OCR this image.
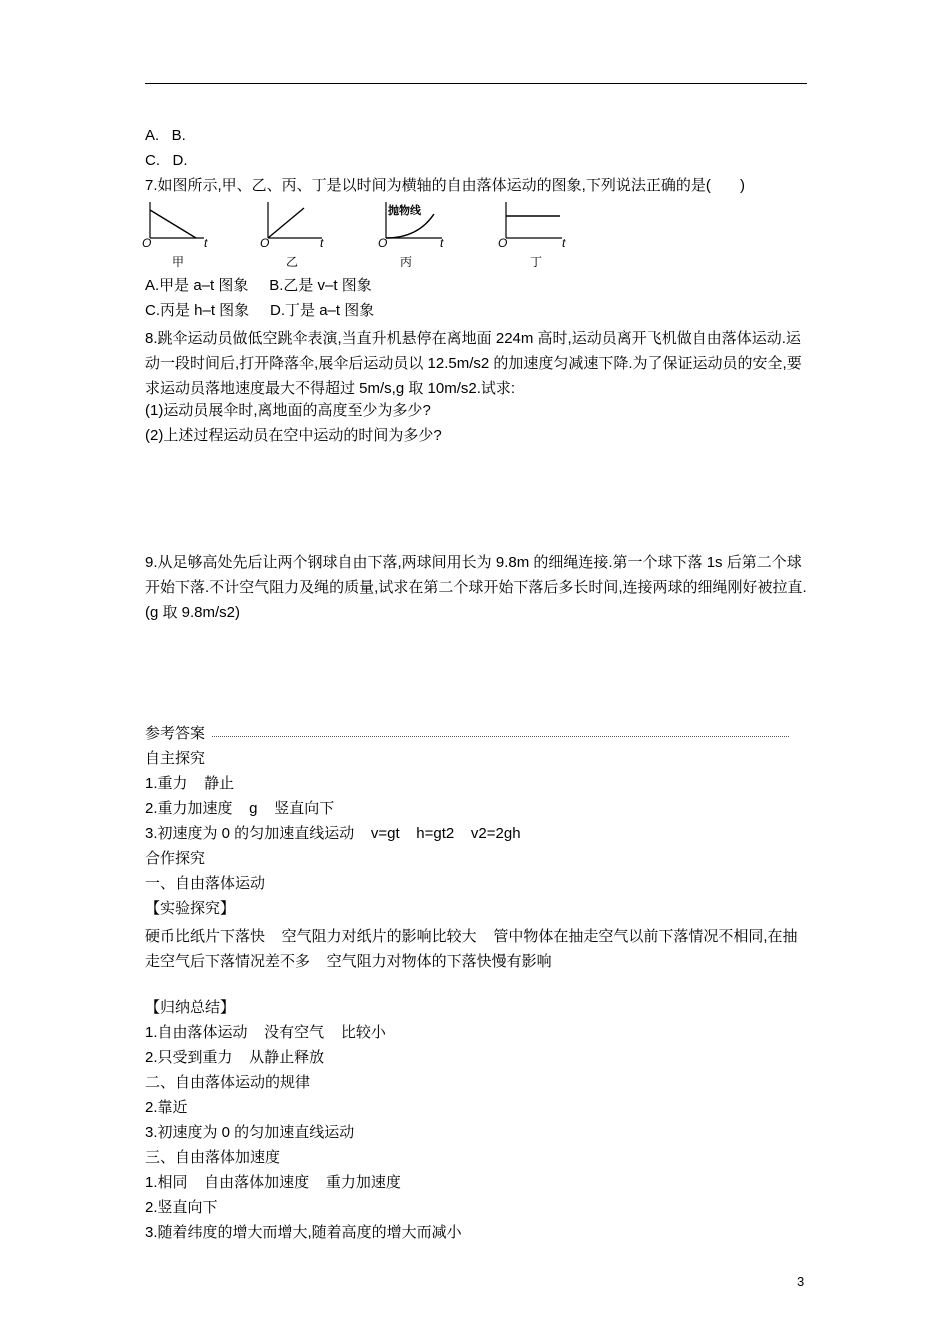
A.   B.
C.   D.
7.如图所示,甲、乙、丙、丁是以时间为横轴的自由落体运动的图象,下列说法正确的是(       )
O	t
甲
O	t
乙
抛物线
O	t
丙
O	t
丁
A.甲是 a–t 图象     B.乙是 v–t 图象
C.丙是 h–t 图象     D.丁是 a–t 图象
8.跳伞运动员做低空跳伞表演,当直升机悬停在离地面 224m 高时,运动员离开飞机做自由落体运动.运动一段时间后,打开降落伞,展伞后运动员以 12.5m/s2 的加速度匀减速下降.为了保证运动员的安全,要求运动员落地速度最大不得超过 5m/s,g 取 10m/s2.试求:
(1)运动员展伞时,离地面的高度至少为多少?
(2)上述过程运动员在空中运动的时间为多少?
9.从足够高处先后让两个钢球自由下落,两球间用长为 9.8m 的细绳连接.第一个球下落 1s 后第二个球开始下落.不计空气阻力及绳的质量,试求在第二个球开始下落后多长时间,连接两球的细绳刚好被拉直.(g 取 9.8m/s2)
参考答案
自主探究
1.重力    静止
2.重力加速度    g    竖直向下
3.初速度为 0 的匀加速直线运动    v=gt    h=gt2    v2=2gh
合作探究
一、自由落体运动
【实验探究】
硬币比纸片下落快    空气阻力对纸片的影响比较大    管中物体在抽走空气以前下落情况不相同,在抽走空气后下落情况差不多    空气阻力对物体的下落快慢有影响
【归纳总结】
1.自由落体运动    没有空气    比较小
2.只受到重力    从静止释放
二、自由落体运动的规律
2.靠近
3.初速度为 0 的匀加速直线运动
三、自由落体加速度
1.相同    自由落体加速度    重力加速度
2.竖直向下
3.随着纬度的增大而增大,随着高度的增大而减小
3
